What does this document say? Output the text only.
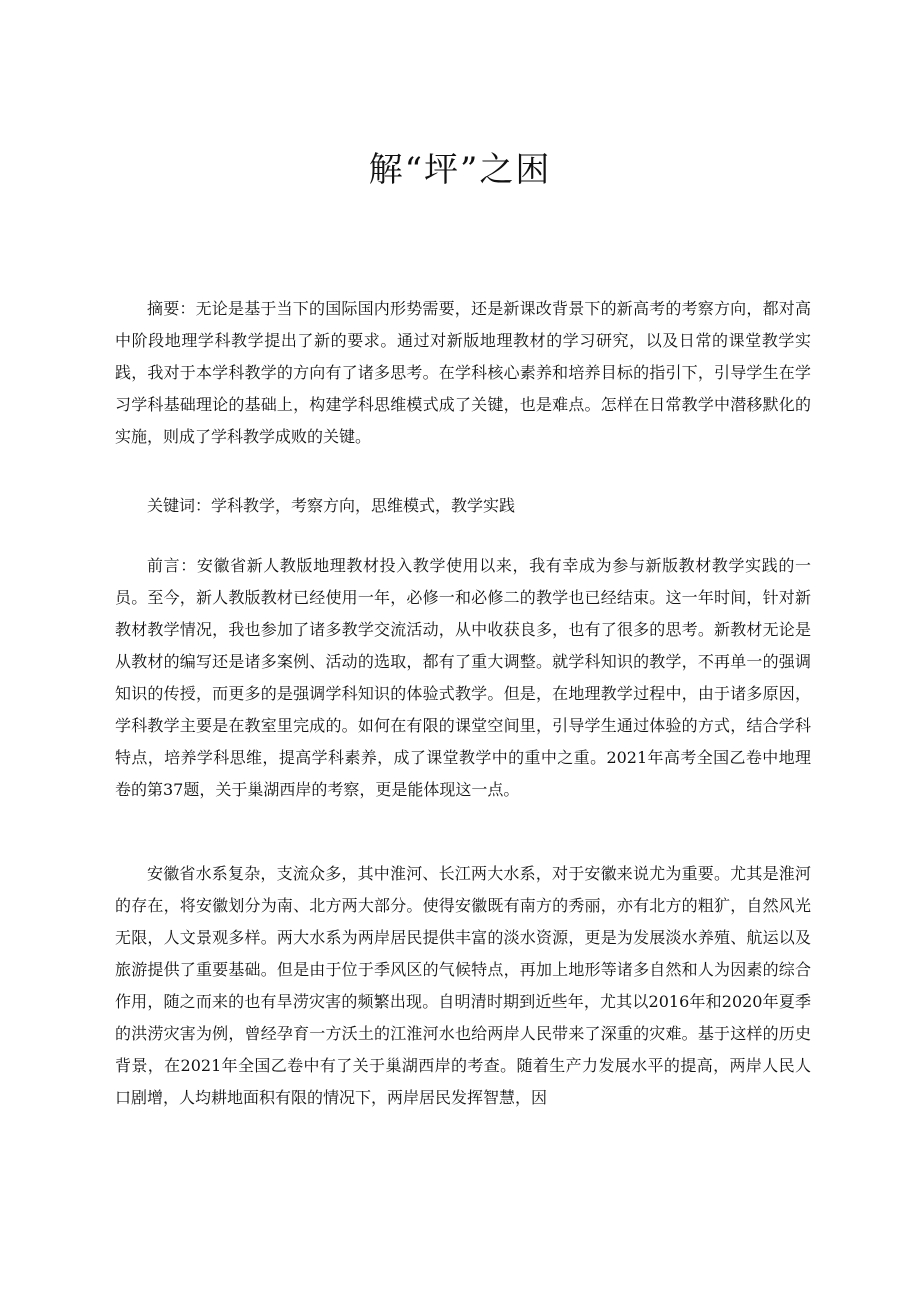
解“坪”之困

摘要：无论是基于当下的国际国内形势需要，还是新课改背景下的新高考的考察方向，都对高中阶段地理学科教学提出了新的要求。通过对新版地理教材的学习研究，以及日常的课堂教学实践，我对于本学科教学的方向有了诸多思考。在学科核心素养和培养目标的指引下，引导学生在学习学科基础理论的基础上，构建学科思维模式成了关键，也是难点。怎样在日常教学中潜移默化的实施，则成了学科教学成败的关键。

关键词：学科教学，考察方向，思维模式，教学实践

前言：安徽省新人教版地理教材投入教学使用以来，我有幸成为参与新版教材教学实践的一员。至今，新人教版教材已经使用一年，必修一和必修二的教学也已经结束。这一年时间，针对新教材教学情况，我也参加了诸多教学交流活动，从中收获良多，也有了很多的思考。新教材无论是从教材的编写还是诸多案例、活动的选取，都有了重大调整。就学科知识的教学，不再单一的强调知识的传授，而更多的是强调学科知识的体验式教学。但是，在地理教学过程中，由于诸多原因，学科教学主要是在教室里完成的。如何在有限的课堂空间里，引导学生通过体验的方式，结合学科特点，培养学科思维，提高学科素养，成了课堂教学中的重中之重。2021年高考全国乙卷中地理卷的第37题，关于巢湖西岸的考察，更是能体现这一点。

安徽省水系复杂，支流众多，其中淮河、长江两大水系，对于安徽来说尤为重要。尤其是淮河的存在，将安徽划分为南、北方两大部分。使得安徽既有南方的秀丽，亦有北方的粗犷，自然风光无限，人文景观多样。两大水系为两岸居民提供丰富的淡水资源，更是为发展淡水养殖、航运以及旅游提供了重要基础。但是由于位于季风区的气候特点，再加上地形等诸多自然和人为因素的综合作用，随之而来的也有旱涝灾害的频繁出现。自明清时期到近些年，尤其以2016年和2020年夏季的洪涝灾害为例，曾经孕育一方沃土的江淮河水也给两岸人民带来了深重的灾难。基于这样的历史背景，在2021年全国乙卷中有了关于巢湖西岸的考查。随着生产力发展水平的提高，两岸人民人口剧增，人均耕地面积有限的情况下，两岸居民发挥智慧，因
